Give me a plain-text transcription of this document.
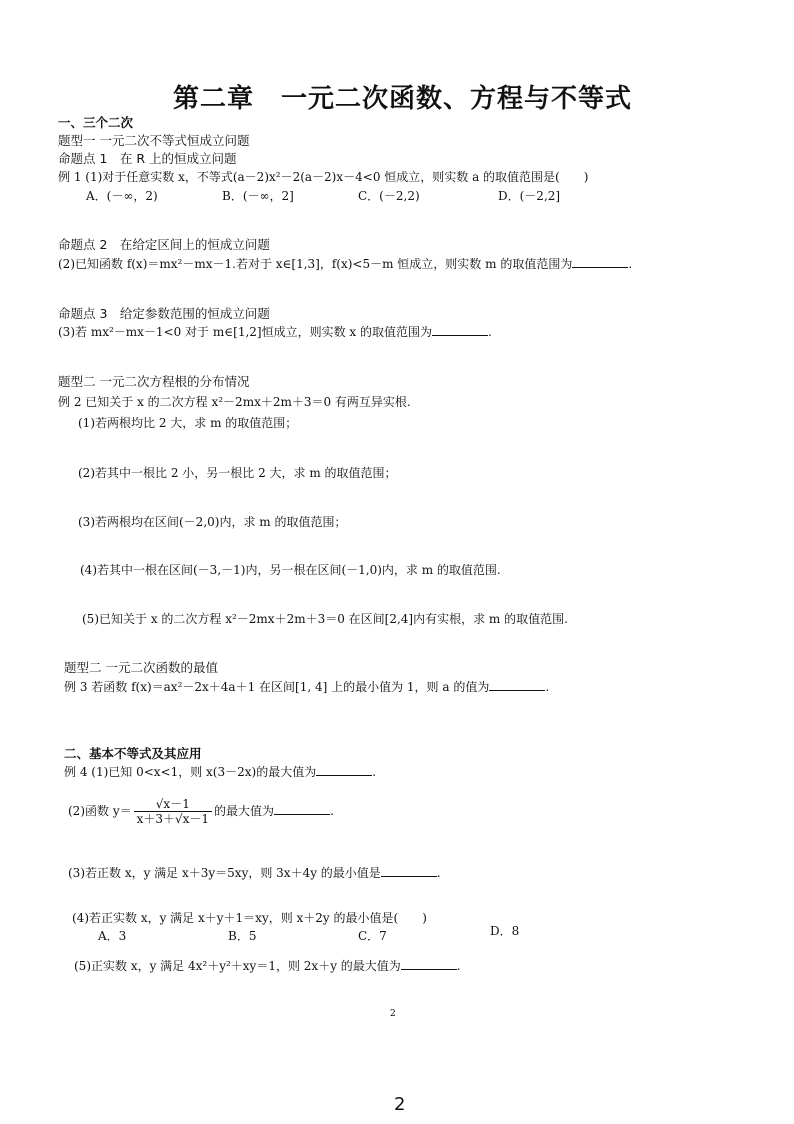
第二章　一元二次函数、方程与不等式
一、三个二次
题型一 一元二次不等式恒成立问题
命题点 1　在 R 上的恒成立问题
例 1 (1)对于任意实数 x，不等式(a－2)x²－2(a－2)x－4<0 恒成立，则实数 a 的取值范围是(　　)
A．(－∞，2)	B．(－∞，2]	C．(－2,2)	D．(－2,2]
命题点 2　在给定区间上的恒成立问题
(2)已知函数 f(x)＝mx²－mx－1.若对于 x∈[1,3]，f(x)<5－m 恒成立，则实数 m 的取值范围为	.
命题点 3　给定参数范围的恒成立问题
(3)若 mx²－mx－1<0 对于 m∈[1,2]恒成立，则实数 x 的取值范围为	.
题型二 一元二次方程根的分布情况
例 2 已知关于 x 的二次方程 x²－2mx＋2m＋3＝0 有两互异实根.
(1)若两根均比 2 大，求 m 的取值范围；
(2)若其中一根比 2 小，另一根比 2 大，求 m 的取值范围；
(3)若两根均在区间(－2,0)内，求 m 的取值范围；
(4)若其中一根在区间(－3,－1)内，另一根在区间(－1,0)内，求 m 的取值范围.
(5)已知关于 x 的二次方程 x²－2mx＋2m＋3＝0 在区间[2,4]内有实根，求 m 的取值范围.
题型二 一元二次函数的最值
例 3 若函数 f(x)＝ax²－2x＋4a＋1 在区间[1, 4] 上的最小值为 1，则 a 的值为	.
二、基本不等式及其应用
例 4 (1)已知 0<x<1，则 x(3－2x)的最大值为	.
(2)函数 $y= \frac{√x-1}{x+3+√x-1}$ 的最大值为	.
(3)若正数 x，y 满足 x＋3y＝5xy，则 3x＋4y 的最小值是	.
(4)若正实数 x，y 满足 x＋y＋1＝xy，则 x＋2y 的最小值是(　　)
A．3	B．5	C．7	D．8
(5)正实数 x，y 满足 4x²＋y²＋xy＝1，则 2x＋y 的最大值为	.
2
2
